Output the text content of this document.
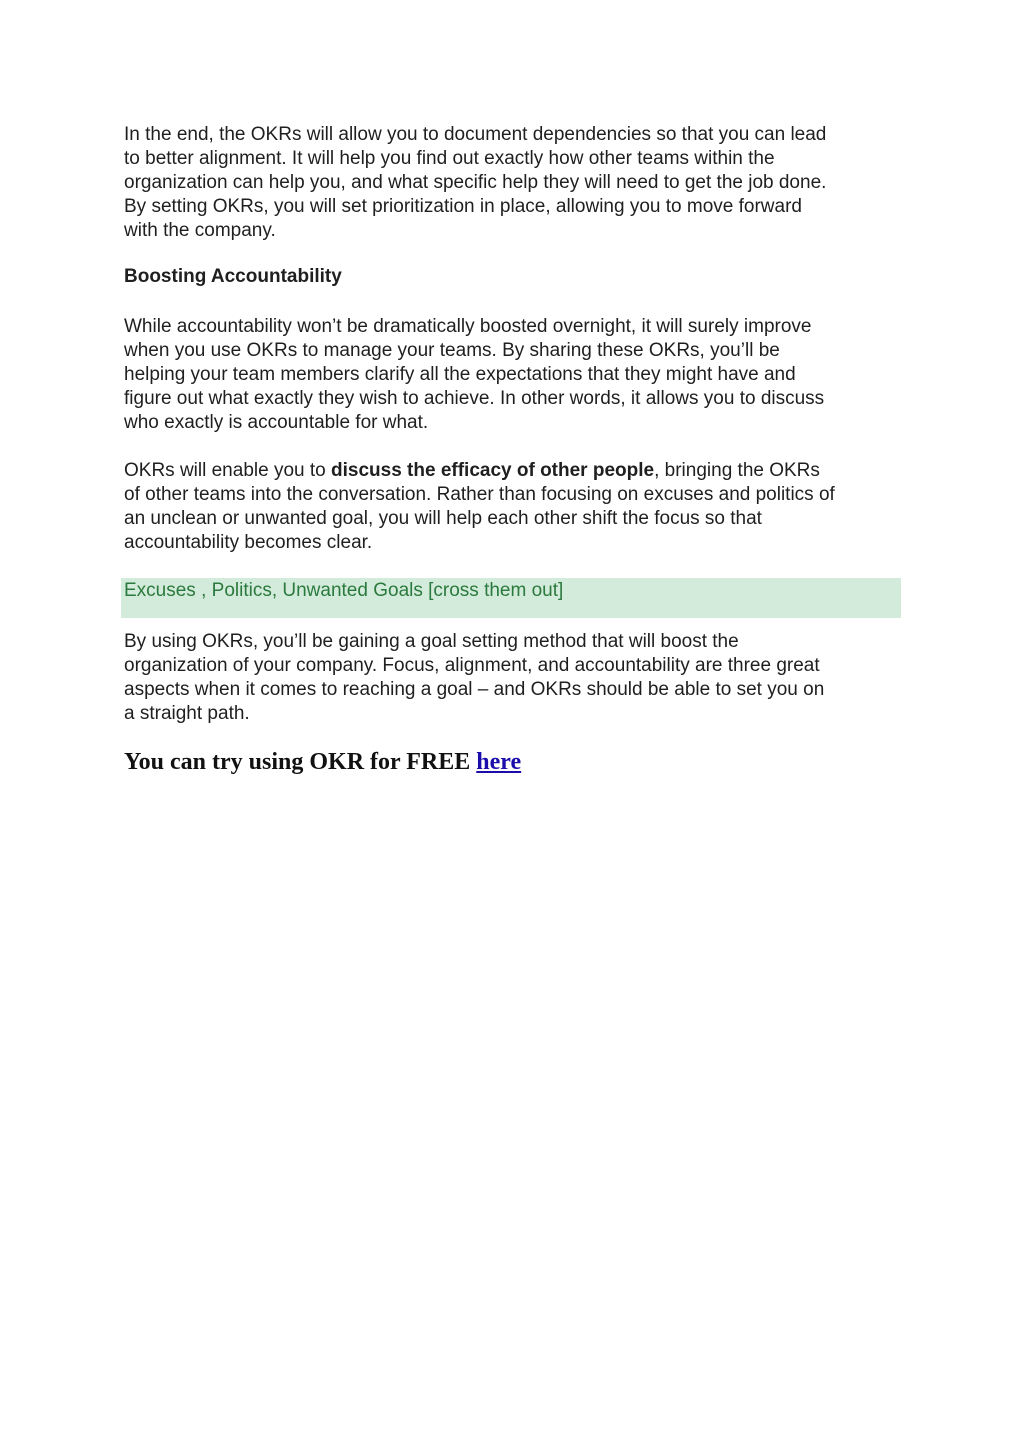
In the end, the OKRs will allow you to document dependencies so that you can lead
to better alignment. It will help you find out exactly how other teams within the
organization can help you, and what specific help they will need to get the job done.
By setting OKRs, you will set prioritization in place, allowing you to move forward
with the company.

Boosting Accountability

While accountability won’t be dramatically boosted overnight, it will surely improve
when you use OKRs to manage your teams. By sharing these OKRs, you’ll be
helping your team members clarify all the expectations that they might have and
figure out what exactly they wish to achieve. In other words, it allows you to discuss
who exactly is accountable for what.

OKRs will enable you to discuss the efficacy of other people, bringing the OKRs
of other teams into the conversation. Rather than focusing on excuses and politics of
an unclean or unwanted goal, you will help each other shift the focus so that
accountability becomes clear.

Excuses , Politics, Unwanted Goals [cross them out]

By using OKRs, you’ll be gaining a goal setting method that will boost the
organization of your company. Focus, alignment, and accountability are three great
aspects when it comes to reaching a goal – and OKRs should be able to set you on
a straight path.

You can try using OKR for FREE here
